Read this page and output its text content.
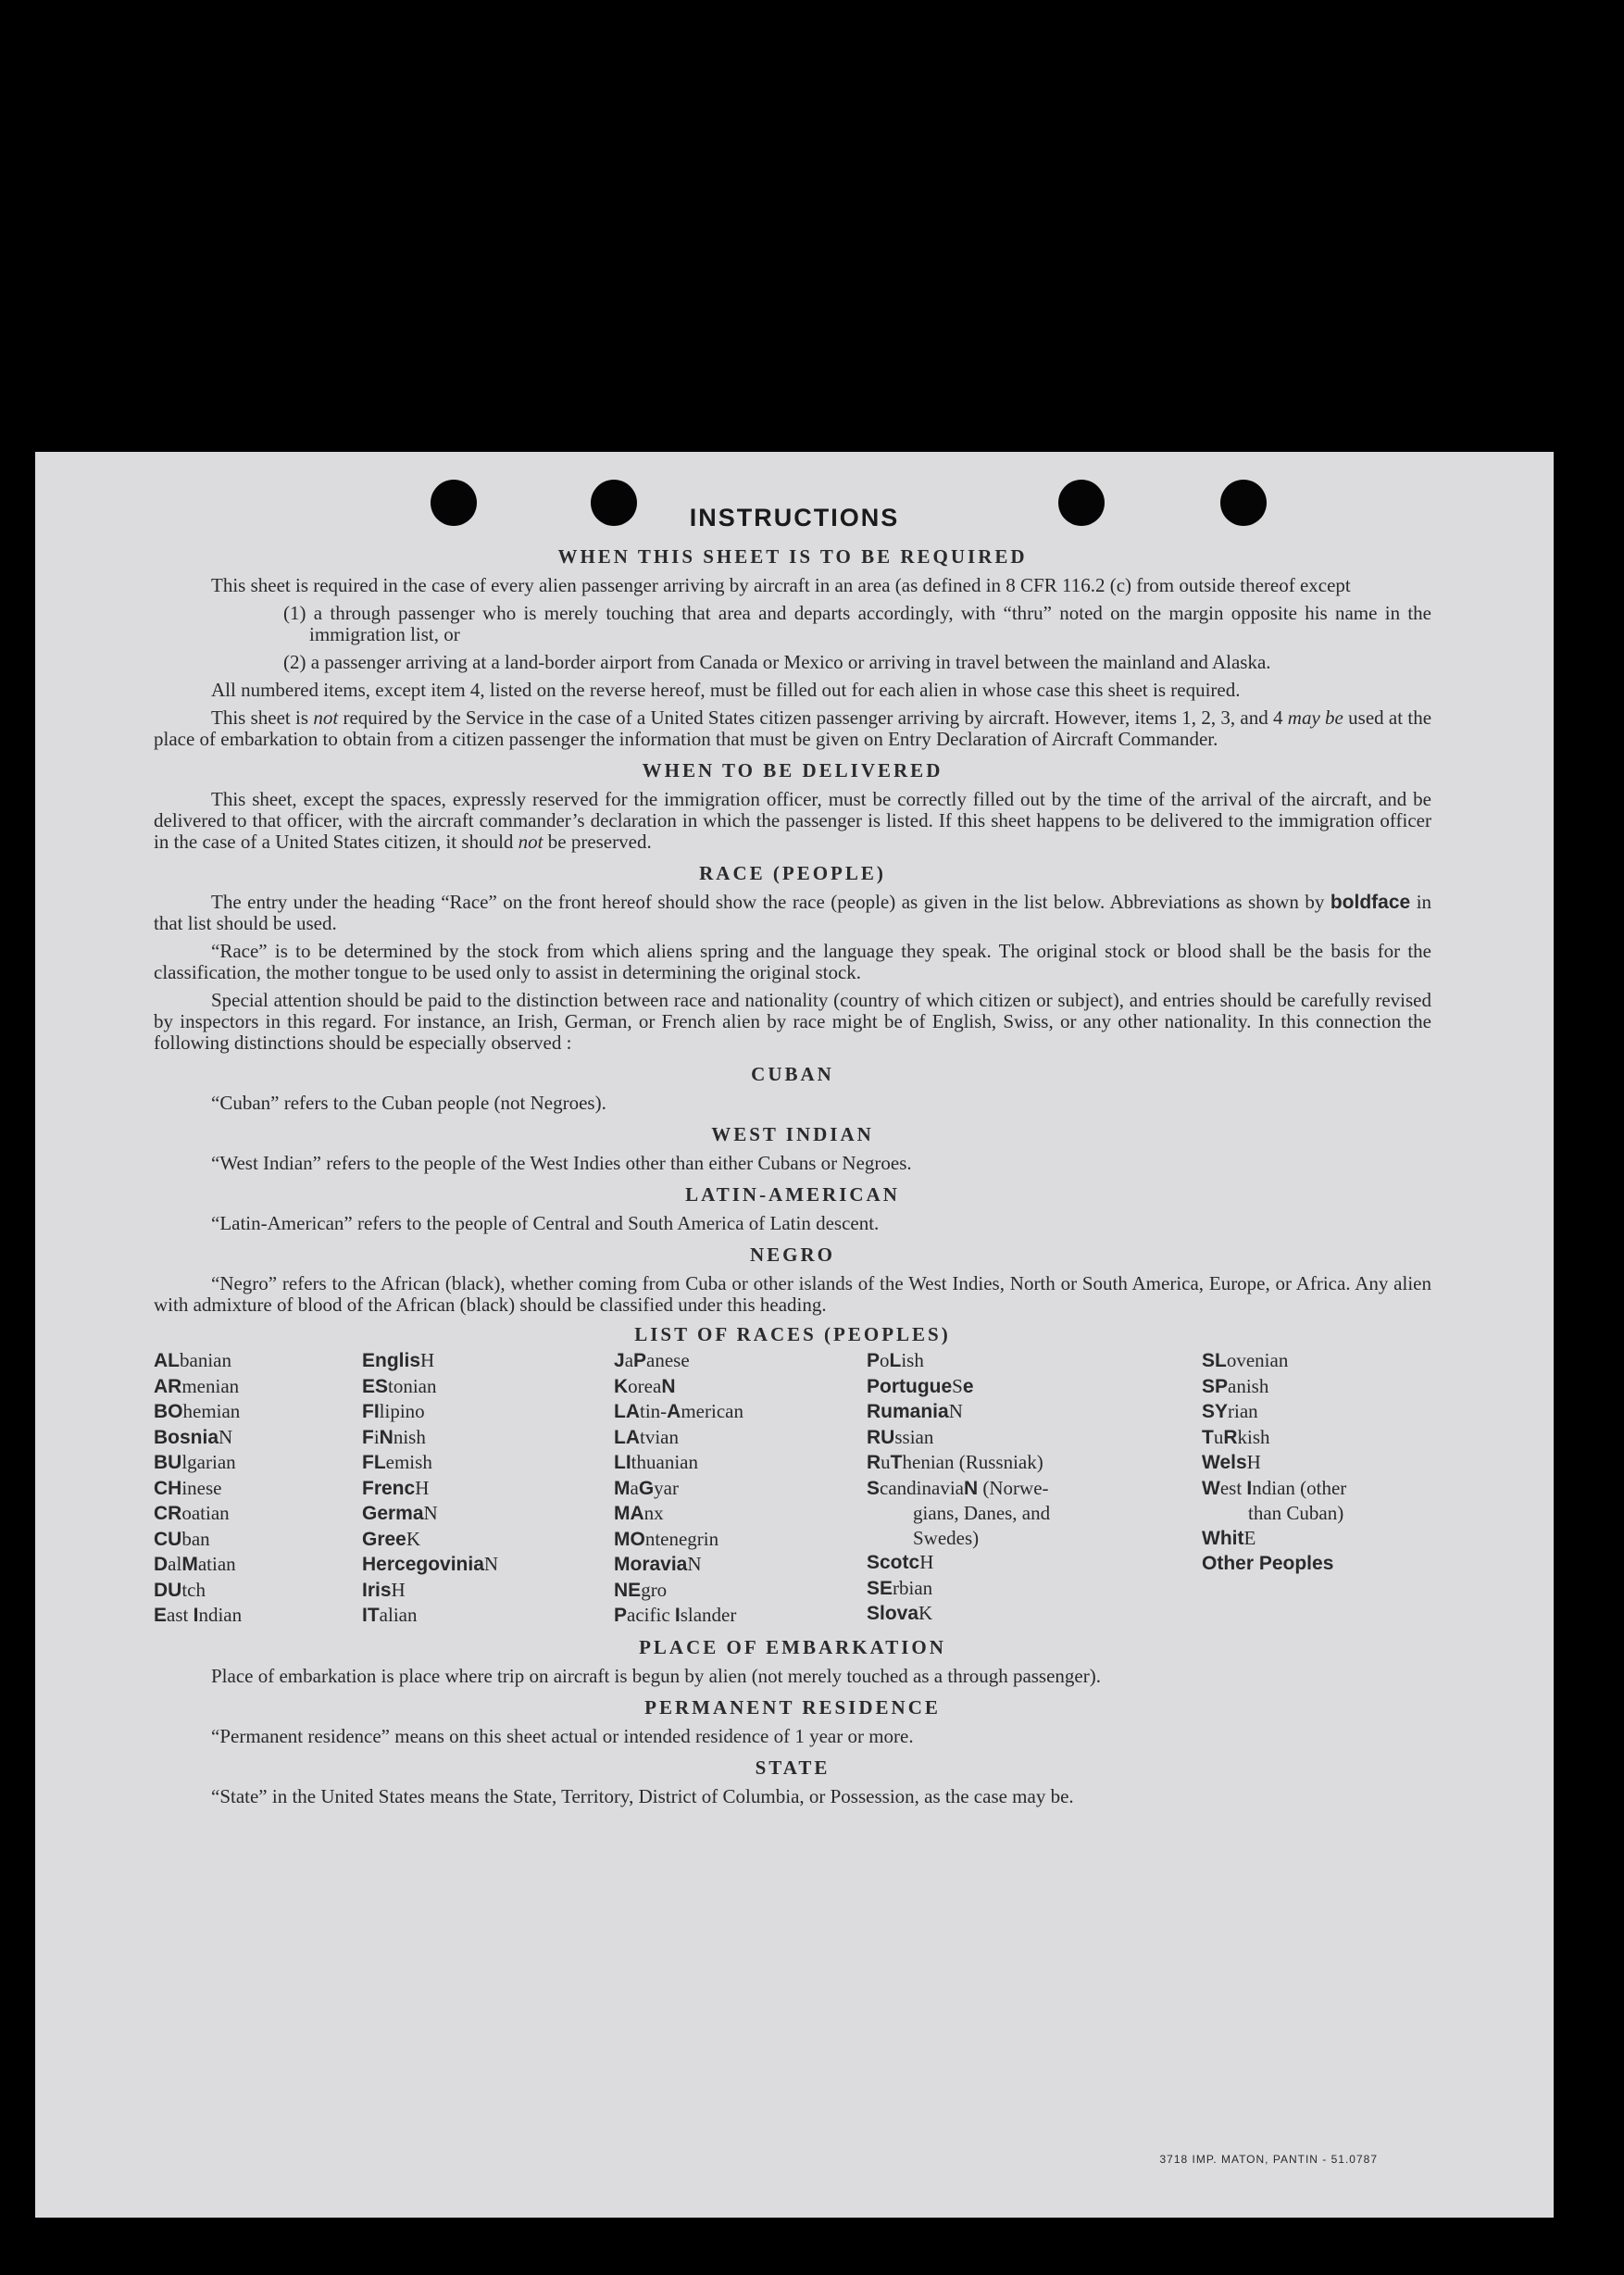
INSTRUCTIONS
WHEN THIS SHEET IS TO BE REQUIRED

This sheet is required in the case of every alien passenger arriving by aircraft in an area (as defined in 8 CFR 116.2 (c) from outside thereof except

(1) a through passenger who is merely touching that area and departs accordingly, with “thru” noted on the margin opposite his name in the immigration list, or

(2) a passenger arriving at a land-border airport from Canada or Mexico or arriving in travel between the mainland and Alaska.

All numbered items, except item 4, listed on the reverse hereof, must be filled out for each alien in whose case this sheet is required.

This sheet is not required by the Service in the case of a United States citizen passenger arriving by aircraft. However, items 1, 2, 3, and 4 may be used at the place of embarkation to obtain from a citizen passenger the information that must be given on Entry Declaration of Aircraft Commander.

WHEN TO BE DELIVERED

This sheet, except the spaces, expressly reserved for the immigration officer, must be correctly filled out by the time of the arrival of the aircraft, and be delivered to that officer, with the aircraft commander’s declaration in which the passenger is listed. If this sheet happens to be delivered to the immigration officer in the case of a United States citizen, it should not be preserved.

RACE (PEOPLE)

The entry under the heading “Race” on the front hereof should show the race (people) as given in the list below. Abbreviations as shown by boldface in that list should be used.

“Race” is to be determined by the stock from which aliens spring and the language they speak. The original stock or blood shall be the basis for the classification, the mother tongue to be used only to assist in determining the original stock.

Special attention should be paid to the distinction between race and nationality (country of which citizen or subject), and entries should be carefully revised by inspectors in this regard. For instance, an Irish, German, or French alien by race might be of English, Swiss, or any other nationality. In this connection the following distinctions should be especially observed :

CUBAN

“Cuban” refers to the Cuban people (not Negroes).

WEST INDIAN

“West Indian” refers to the people of the West Indies other than either Cubans or Negroes.

LATIN-AMERICAN

“Latin-American” refers to the people of Central and South America of Latin descent.

NEGRO

“Negro” refers to the African (black), whether coming from Cuba or other islands of the West Indies, North or South America, Europe, or Africa. Any alien with admixture of blood of the African (black) should be classified under this heading.

LIST OF RACES (PEOPLES)
ALbanian
ARmenian
BOhemian
BosniaN
BUlgarian
CHinese
CRoatian
CUban
DalMatian
DUtch
East Indian
EnglisH
EStonian
FIlipino
FiNnish
FLemish
FrencH
GermaN
GreeK
HercegoviniaN
IrisH
ITalian
JaPanese
KoreaN
LAtin-American
LAtvian
LIthuanian
MaGyar
MAnx
MOntenegrin
MoraviaN
NEgro
Pacific Islander
PoLish
PortugueSe
RumaniaN
RUssian
RuThenian (Russniak)
ScandinaviaN (Norwe-
gians, Danes, and
Swedes)
ScotcH
SErbian
SlovaK
SLovenian
SPanish
SYrian
TuRkish
WelsH
West Indian (other
than Cuban)
WhitE
Other Peoples
PLACE OF EMBARKATION

Place of embarkation is place where trip on aircraft is begun by alien (not merely touched as a through passenger).

PERMANENT RESIDENCE

“Permanent residence” means on this sheet actual or intended residence of 1 year or more.

STATE

“State” in the United States means the State, Territory, District of Columbia, or Possession, as the case may be.

3718 IMP. MATON, PANTIN - 51.0787
